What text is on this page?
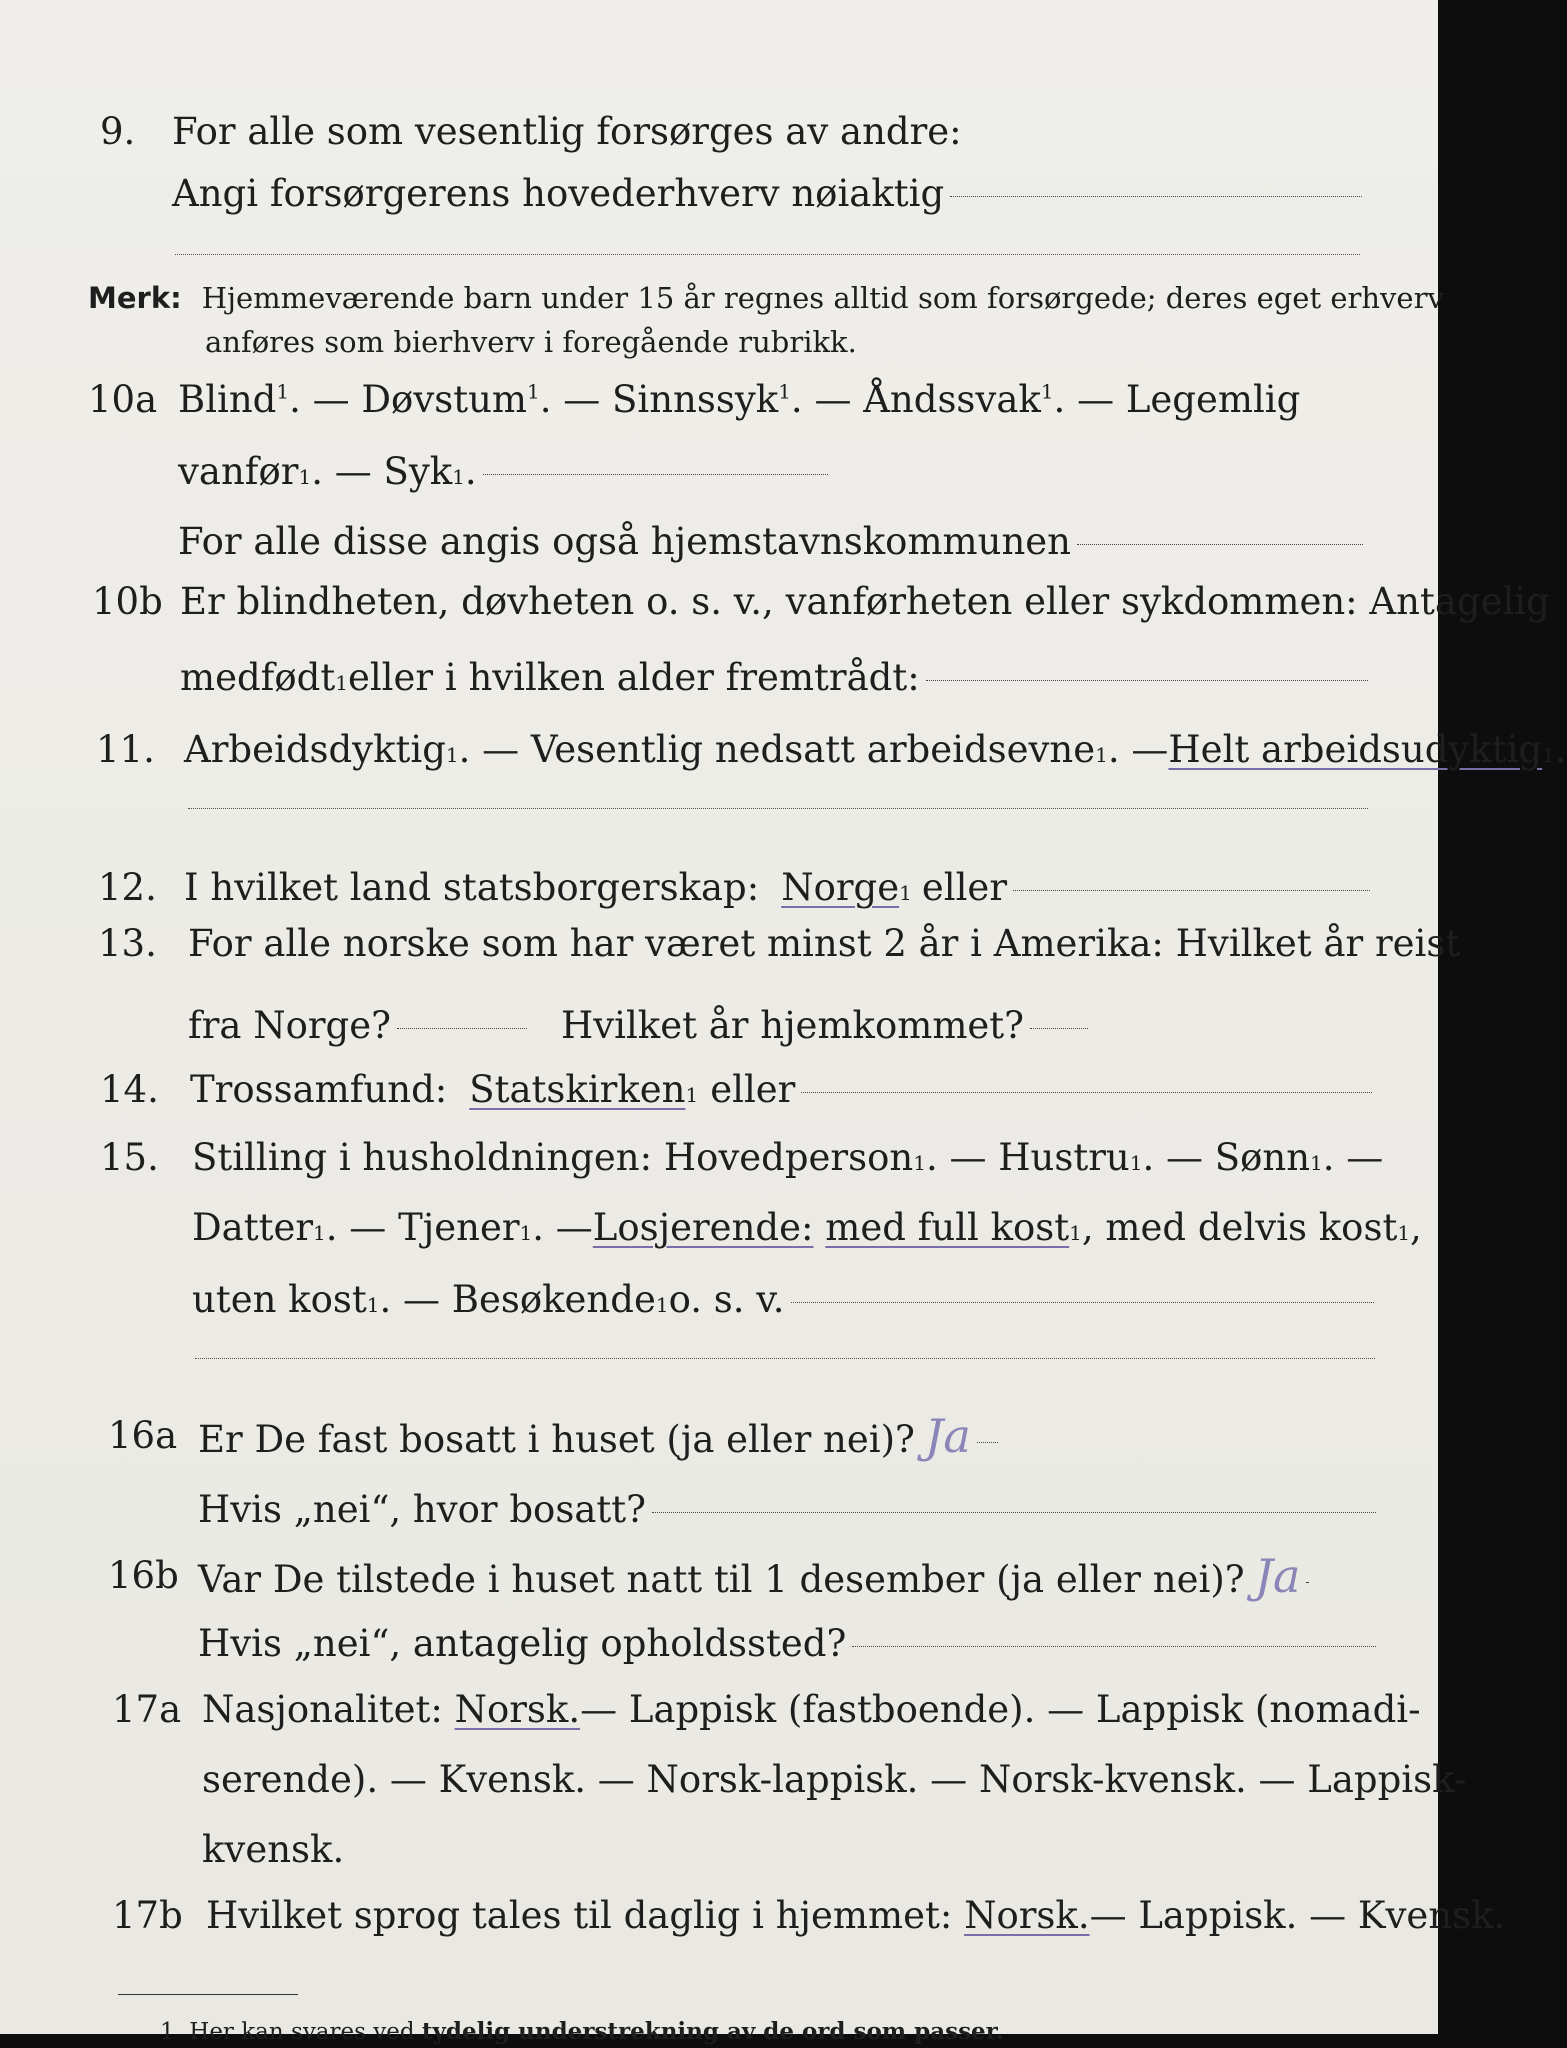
9. For alle som vesentlig forsørges av andre:
Angi forsørgerens hovederhverv nøiaktig
Merk: Hjemmeværende barn under 15 år regnes alltid som forsørgede; deres eget erhverv
anføres som bierhverv i foregående rubrikk.
10a Blind$^1$. — Døvstum$^1$. — Sinnssyk$^1$. — Åndssvak$^1$. — Legemlig
vanfør 1 . — Syk 1 .
For alle disse angis også hjemstavnskommunen
10b Er blindheten, døvheten o. s. v., vanførheten eller sykdommen: Antagelig
medfødt 1 eller i hvilken alder fremtrådt:
11. Arbeidsdyktig 1 . — Vesentlig nedsatt arbeidsevne 1 . — Helt arbeidsudyktig 1 .
12. I hvilket land statsborgerskap: Norge 1 eller
13. For alle norske som har været minst 2 år i Amerika: Hvilket år reist
fra Norge?	Hvilket år hjemkommet?
14. Trossamfund: Statskirken 1 eller
15. Stilling i husholdningen: Hovedperson 1 . — Hustru 1 . — Sønn 1 . —
Datter 1 . — Tjener 1 . — Losjerende:
med full kost 1 , med delvis kost 1 ,
uten kost 1 . — Besøkende 1 o. s. v.
16a Er De fast bosatt i huset (ja eller nei)? Ja
Hvis „nei“, hvor bosatt?
16b Var De tilstede i huset natt til 1 desember (ja eller nei)? Ja
Hvis „nei“, antagelig opholdssted?
17a Nasjonalitet:
Norsk. — Lappisk (fastboende). — Lappisk (nomadi-
serende). — Kvensk. — Norsk-lappisk. — Norsk-kvensk. — Lappisk-
kvensk.
17b Hvilket sprog tales til daglig i hjemmet:
Norsk. — Lappisk. — Kvensk.
1 Her kan svares ved tydelig understrekning av de ord som passer.
